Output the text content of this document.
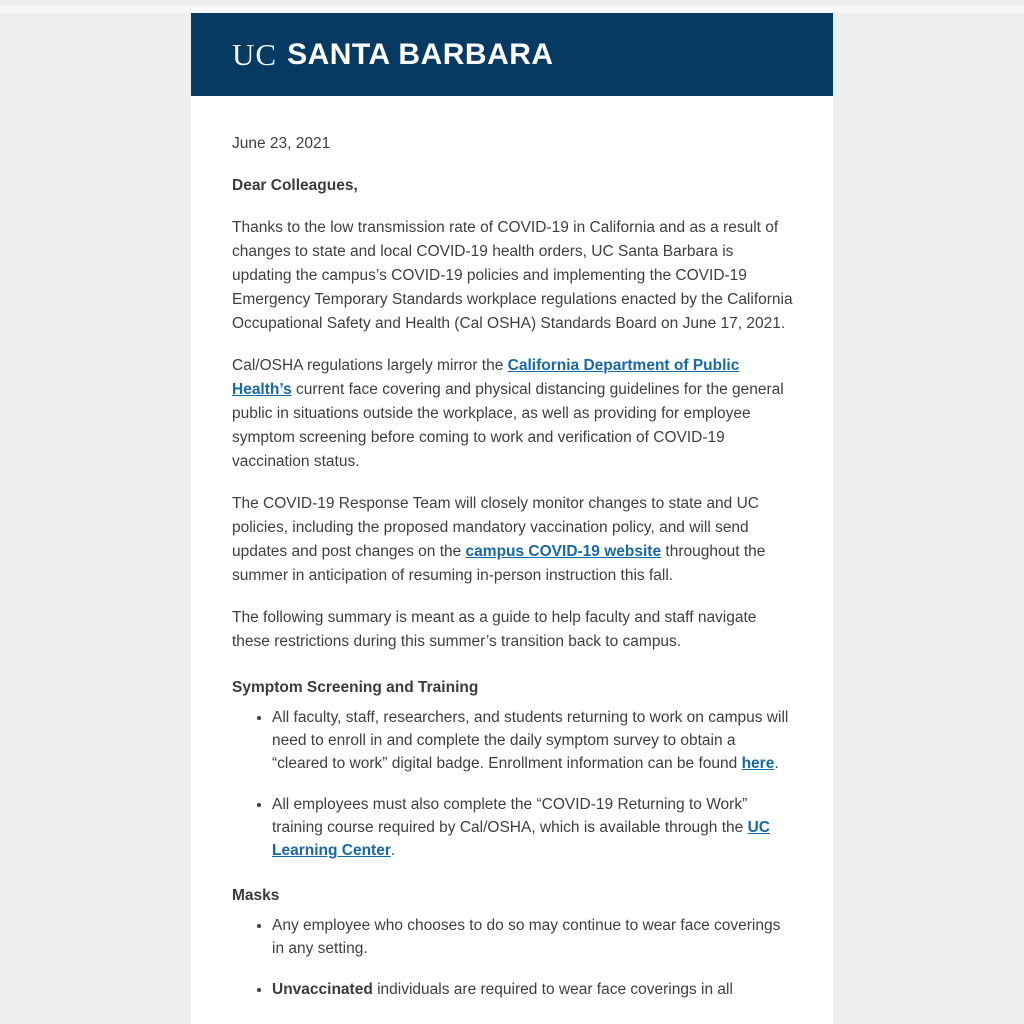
UC SANTA BARBARA

June 23, 2021

Dear Colleagues,

Thanks to the low transmission rate of COVID-19 in California and as a result of changes to state and local COVID-19 health orders, UC Santa Barbara is updating the campus’s COVID-19 policies and implementing the COVID-19 Emergency Temporary Standards workplace regulations enacted by the California Occupational Safety and Health (Cal OSHA) Standards Board on June 17, 2021.

Cal/OSHA regulations largely mirror the California Department of Public Health’s current face covering and physical distancing guidelines for the general public in situations outside the workplace, as well as providing for employee symptom screening before coming to work and verification of COVID-19 vaccination status.

The COVID-19 Response Team will closely monitor changes to state and UC policies, including the proposed mandatory vaccination policy, and will send updates and post changes on the campus COVID-19 website throughout the summer in anticipation of resuming in-person instruction this fall.

The following summary is meant as a guide to help faculty and staff navigate these restrictions during this summer’s transition back to campus.

Symptom Screening and Training
• All faculty, staff, researchers, and students returning to work on campus will need to enroll in and complete the daily symptom survey to obtain a “cleared to work” digital badge. Enrollment information can be found here.
• All employees must also complete the “COVID-19 Returning to Work” training course required by Cal/OSHA, which is available through the UC Learning Center.
Masks
• Any employee who chooses to do so may continue to wear face coverings in any setting.
• Unvaccinated individuals are required to wear face coverings in all
